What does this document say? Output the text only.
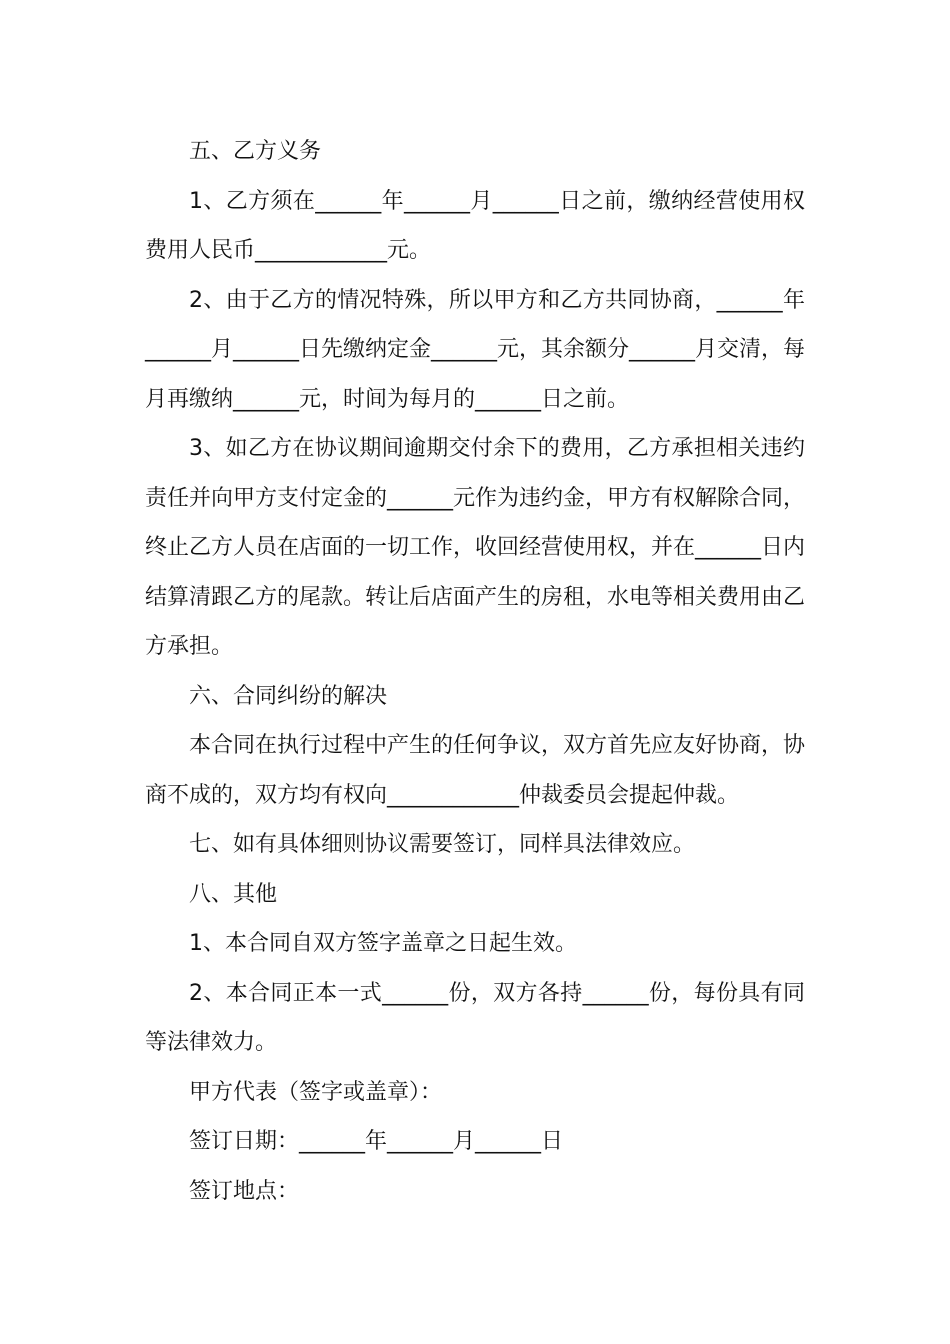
五、乙方义务

1、乙方须在______年______月______日之前，缴纳经营使用权费用人民币____________元。

2、由于乙方的情况特殊，所以甲方和乙方共同协商，______年______月______日先缴纳定金______元，其余额分______月交清，每月再缴纳______元，时间为每月的______日之前。

3、如乙方在协议期间逾期交付余下的费用，乙方承担相关违约责任并向甲方支付定金的______元作为违约金，甲方有权解除合同，终止乙方人员在店面的一切工作，收回经营使用权，并在______日内结算清跟乙方的尾款。转让后店面产生的房租，水电等相关费用由乙方承担。

六、合同纠纷的解决

本合同在执行过程中产生的任何争议，双方首先应友好协商，协商不成的，双方均有权向____________仲裁委员会提起仲裁。

七、如有具体细则协议需要签订，同样具法律效应。

八、其他

1、本合同自双方签字盖章之日起生效。

2、本合同正本一式______份，双方各持______份，每份具有同等法律效力。

甲方代表（签字或盖章）：

签订日期：______年______月______日

签订地点：
